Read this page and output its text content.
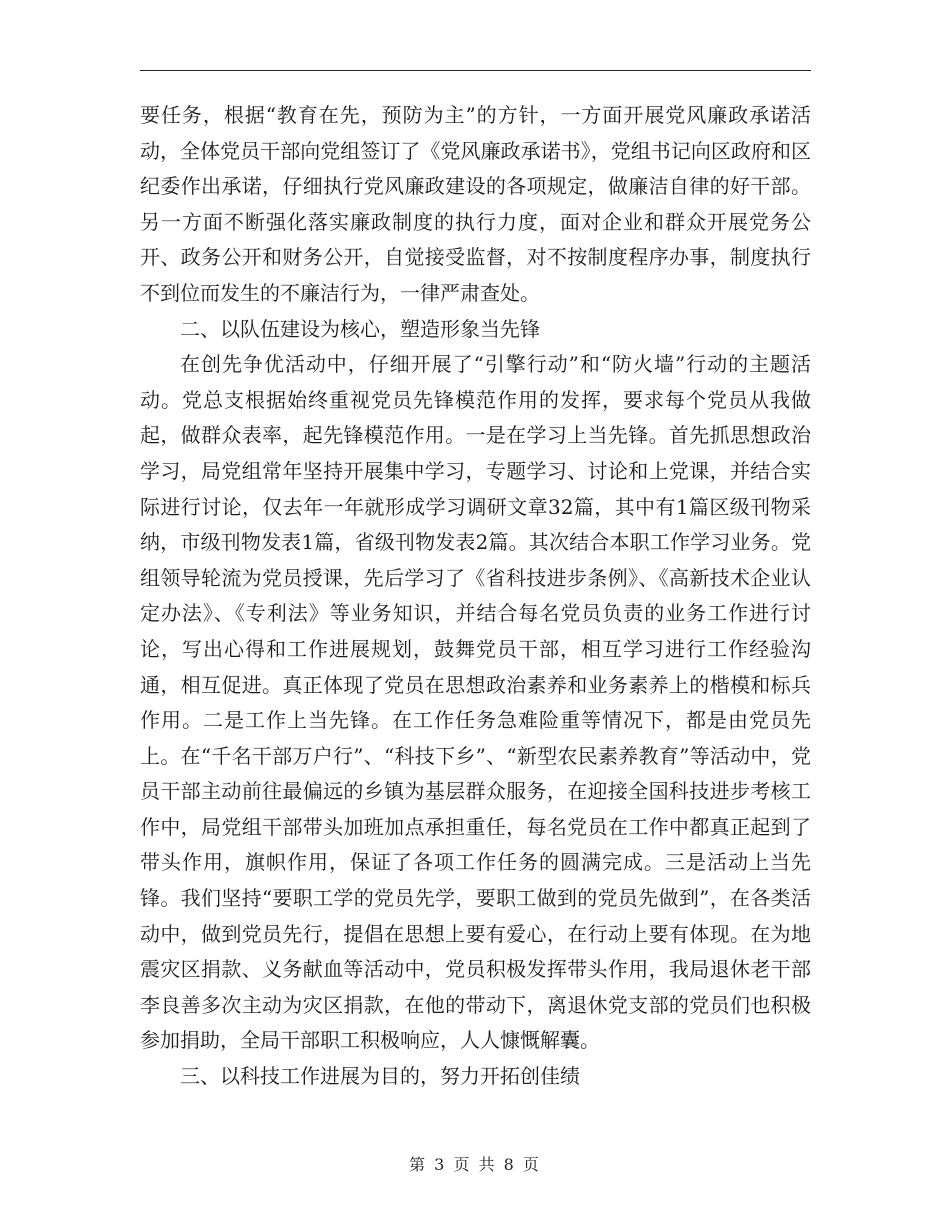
要任务，根据“教育在先，预防为主”的方针，一方面开展党风廉政承诺活动，全体党员干部向党组签订了《党风廉政承诺书》，党组书记向区政府和区纪委作出承诺，仔细执行党风廉政建设的各项规定，做廉洁自律的好干部。另一方面不断强化落实廉政制度的执行力度，面对企业和群众开展党务公开、政务公开和财务公开，自觉接受监督，对不按制度程序办事，制度执行不到位而发生的不廉洁行为，一律严肃查处。

二、以队伍建设为核心，塑造形象当先锋

在创先争优活动中，仔细开展了“引擎行动”和“防火墙”行动的主题活动。党总支根据始终重视党员先锋模范作用的发挥，要求每个党员从我做起，做群众表率，起先锋模范作用。一是在学习上当先锋。首先抓思想政治学习，局党组常年坚持开展集中学习，专题学习、讨论和上党课，并结合实际进行讨论，仅去年一年就形成学习调研文章32篇，其中有1篇区级刊物采纳，市级刊物发表1篇，省级刊物发表2篇。其次结合本职工作学习业务。党组领导轮流为党员授课，先后学习了《省科技进步条例》、《高新技术企业认定办法》、《专利法》等业务知识，并结合每名党员负责的业务工作进行讨论，写出心得和工作进展规划，鼓舞党员干部，相互学习进行工作经验沟通，相互促进。真正体现了党员在思想政治素养和业务素养上的楷模和标兵作用。二是工作上当先锋。在工作任务急难险重等情况下，都是由党员先上。在“千名干部万户行”、“科技下乡”、“新型农民素养教育”等活动中，党员干部主动前往最偏远的乡镇为基层群众服务，在迎接全国科技进步考核工作中，局党组干部带头加班加点承担重任，每名党员在工作中都真正起到了带头作用，旗帜作用，保证了各项工作任务的圆满完成。三是活动上当先锋。我们坚持“要职工学的党员先学，要职工做到的党员先做到”，在各类活动中，做到党员先行，提倡在思想上要有爱心，在行动上要有体现。在为地震灾区捐款、义务献血等活动中，党员积极发挥带头作用，我局退休老干部李良善多次主动为灾区捐款，在他的带动下，离退休党支部的党员们也积极参加捐助，全局干部职工积极响应，人人慷慨解囊。

三、以科技工作进展为目的，努力开拓创佳绩

第 3 页 共 8 页
